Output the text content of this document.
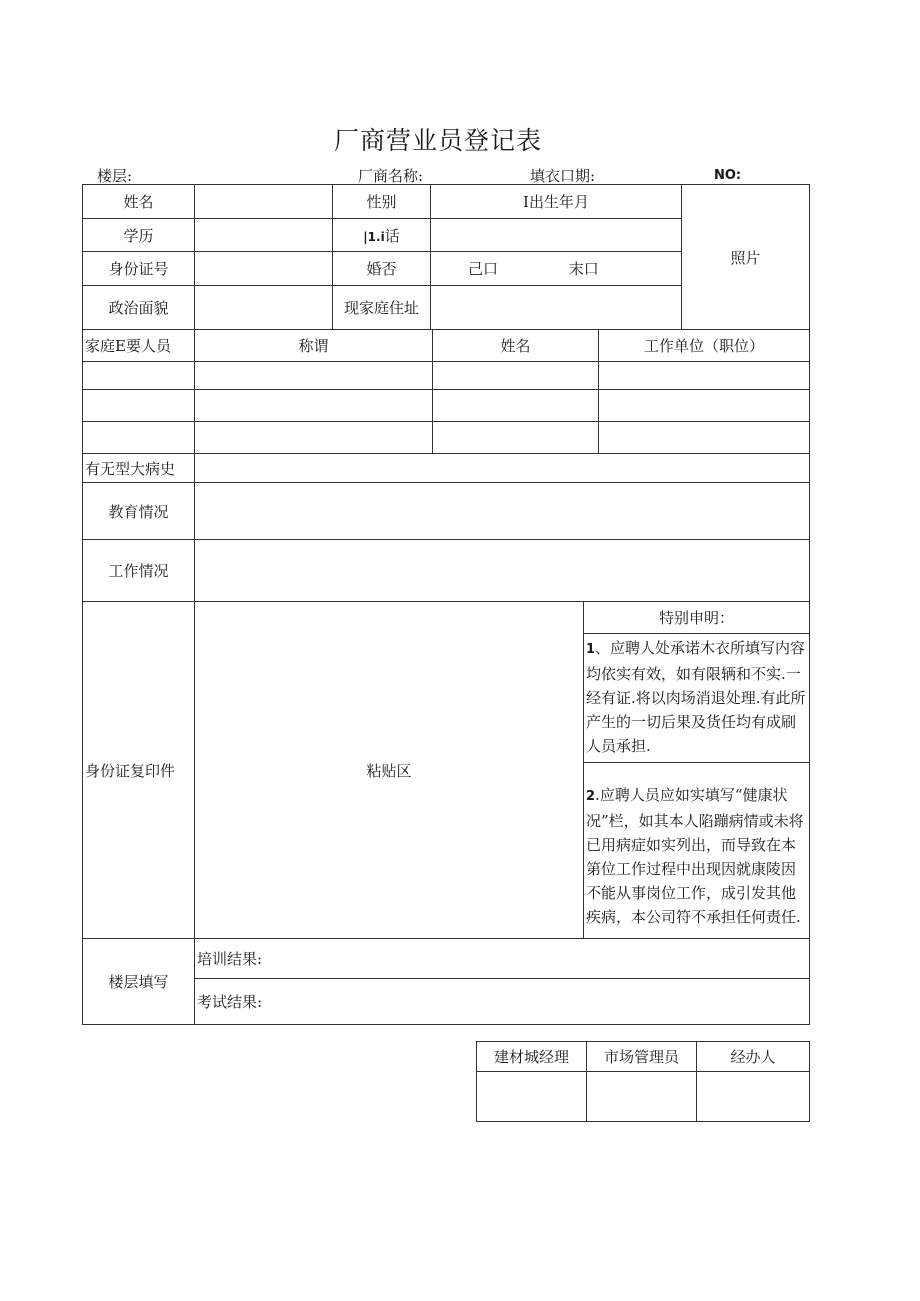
厂商营业员登记表
楼层:	厂商名称:	填衣口期:	NO:
姓名		性别	I出生年月	照片
学历		|1.i话		
身份证号		婚否	己口 末口	
政治面貌		现家庭住址		
家庭E要人员	称谓	姓名	工作单位（职位）

有无型大病史			
教育情况			
工作情况			
身份证复印件	粘贴区	特别申明：
		1、应聘人处承诺木衣所填写内容均依实有效，如有限辆和不实.一经有证.将以肉场消退处理.有此所产生的一切后果及货任均有成刷人员承担.
		2.应聘人员应如实填写“健康状况”栏，如其本人陷蹦病情或未将已用病症如实列出，而导致在本第位工作过程中出现因就康陵因不能从事岗位工作，成引发其他疾病，本公司符不承担任何责任.
楼层填写	培训结果:	
	考试结果:	
建材城经理	市场管理员	经办人
